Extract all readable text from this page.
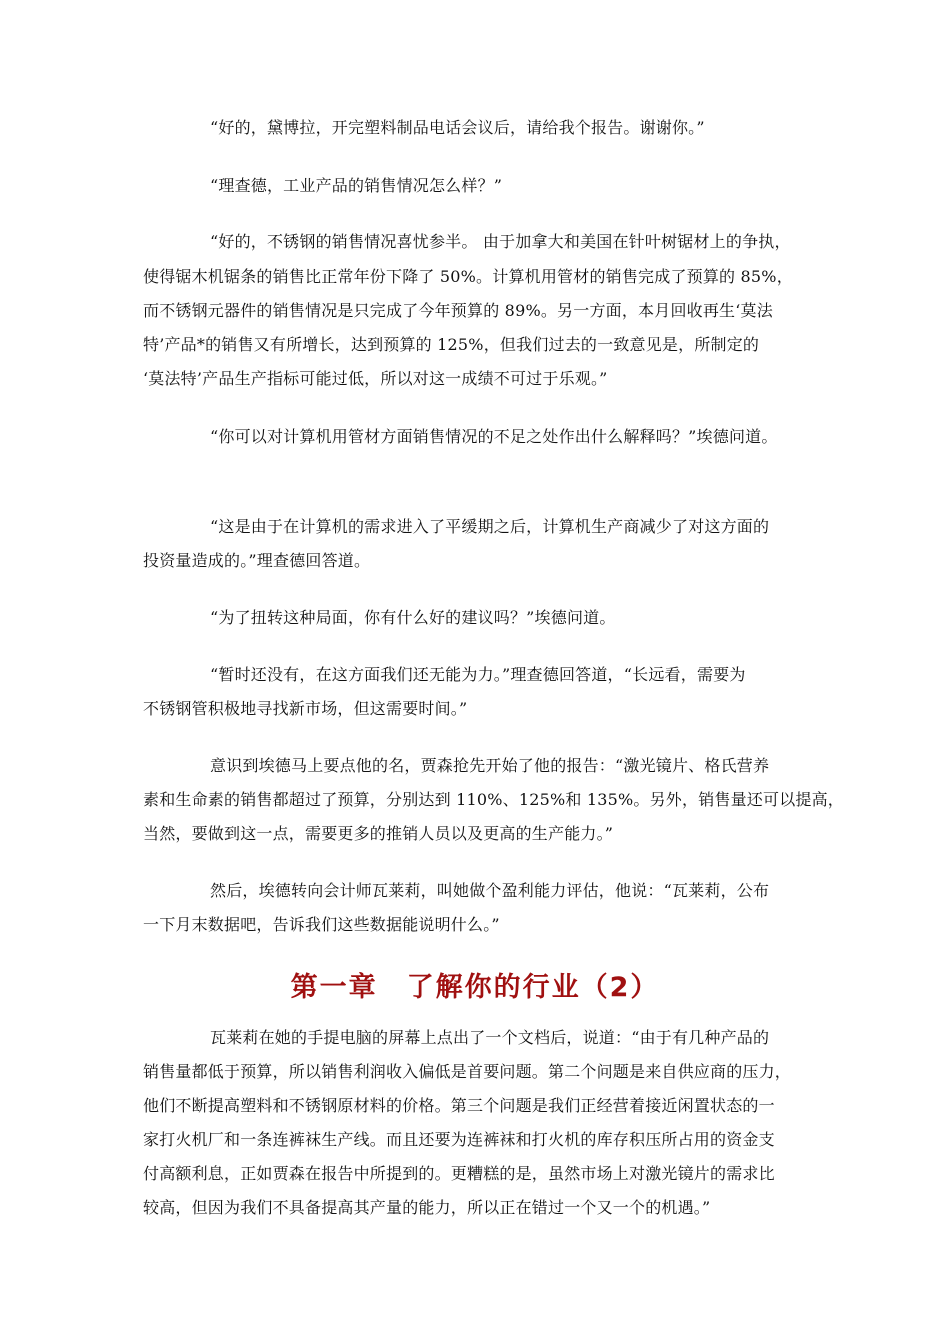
“好的，黛博拉，开完塑料制品电话会议后，请给我个报告。谢谢你。”
“理查德，工业产品的销售情况怎么样？”
“好的，不锈钢的销售情况喜忧参半。 由于加拿大和美国在针叶树锯材上的争执，
使得锯木机锯条的销售比正常年份下降了 50%。计算机用管材的销售完成了预算的 85%，
而不锈钢元器件的销售情况是只完成了今年预算的 89%。另一方面，本月回收再生‘莫法
特’产品*的销售又有所增长，达到预算的 125%，但我们过去的一致意见是，所制定的
‘莫法特’产品生产指标可能过低，所以对这一成绩不可过于乐观。”
“你可以对计算机用管材方面销售情况的不足之处作出什么解释吗？”埃德问道。
“这是由于在计算机的需求进入了平缓期之后，计算机生产商减少了对这方面的
投资量造成的。”理查德回答道。
“为了扭转这种局面，你有什么好的建议吗？”埃德问道。
“暂时还没有，在这方面我们还无能为力。”理查德回答道，“长远看，需要为
不锈钢管积极地寻找新市场，但这需要时间。”
意识到埃德马上要点他的名，贾森抢先开始了他的报告：“激光镜片、格氏营养
素和生命素的销售都超过了预算，分别达到 110%、125%和 135%。另外，销售量还可以提高，
当然，要做到这一点，需要更多的推销人员以及更高的生产能力。”
然后，埃德转向会计师瓦莱莉，叫她做个盈利能力评估，他说：“瓦莱莉，公布
一下月末数据吧，告诉我们这些数据能说明什么。”
第一章　了解你的行业（2）
瓦莱莉在她的手提电脑的屏幕上点出了一个文档后，说道：“由于有几种产品的
销售量都低于预算，所以销售利润收入偏低是首要问题。第二个问题是来自供应商的压力，
他们不断提高塑料和不锈钢原材料的价格。第三个问题是我们正经营着接近闲置状态的一
家打火机厂和一条连裤袜生产线。而且还要为连裤袜和打火机的库存积压所占用的资金支
付高额利息，正如贾森在报告中所提到的。更糟糕的是，虽然市场上对激光镜片的需求比
较高，但因为我们不具备提高其产量的能力，所以正在错过一个又一个的机遇。”
